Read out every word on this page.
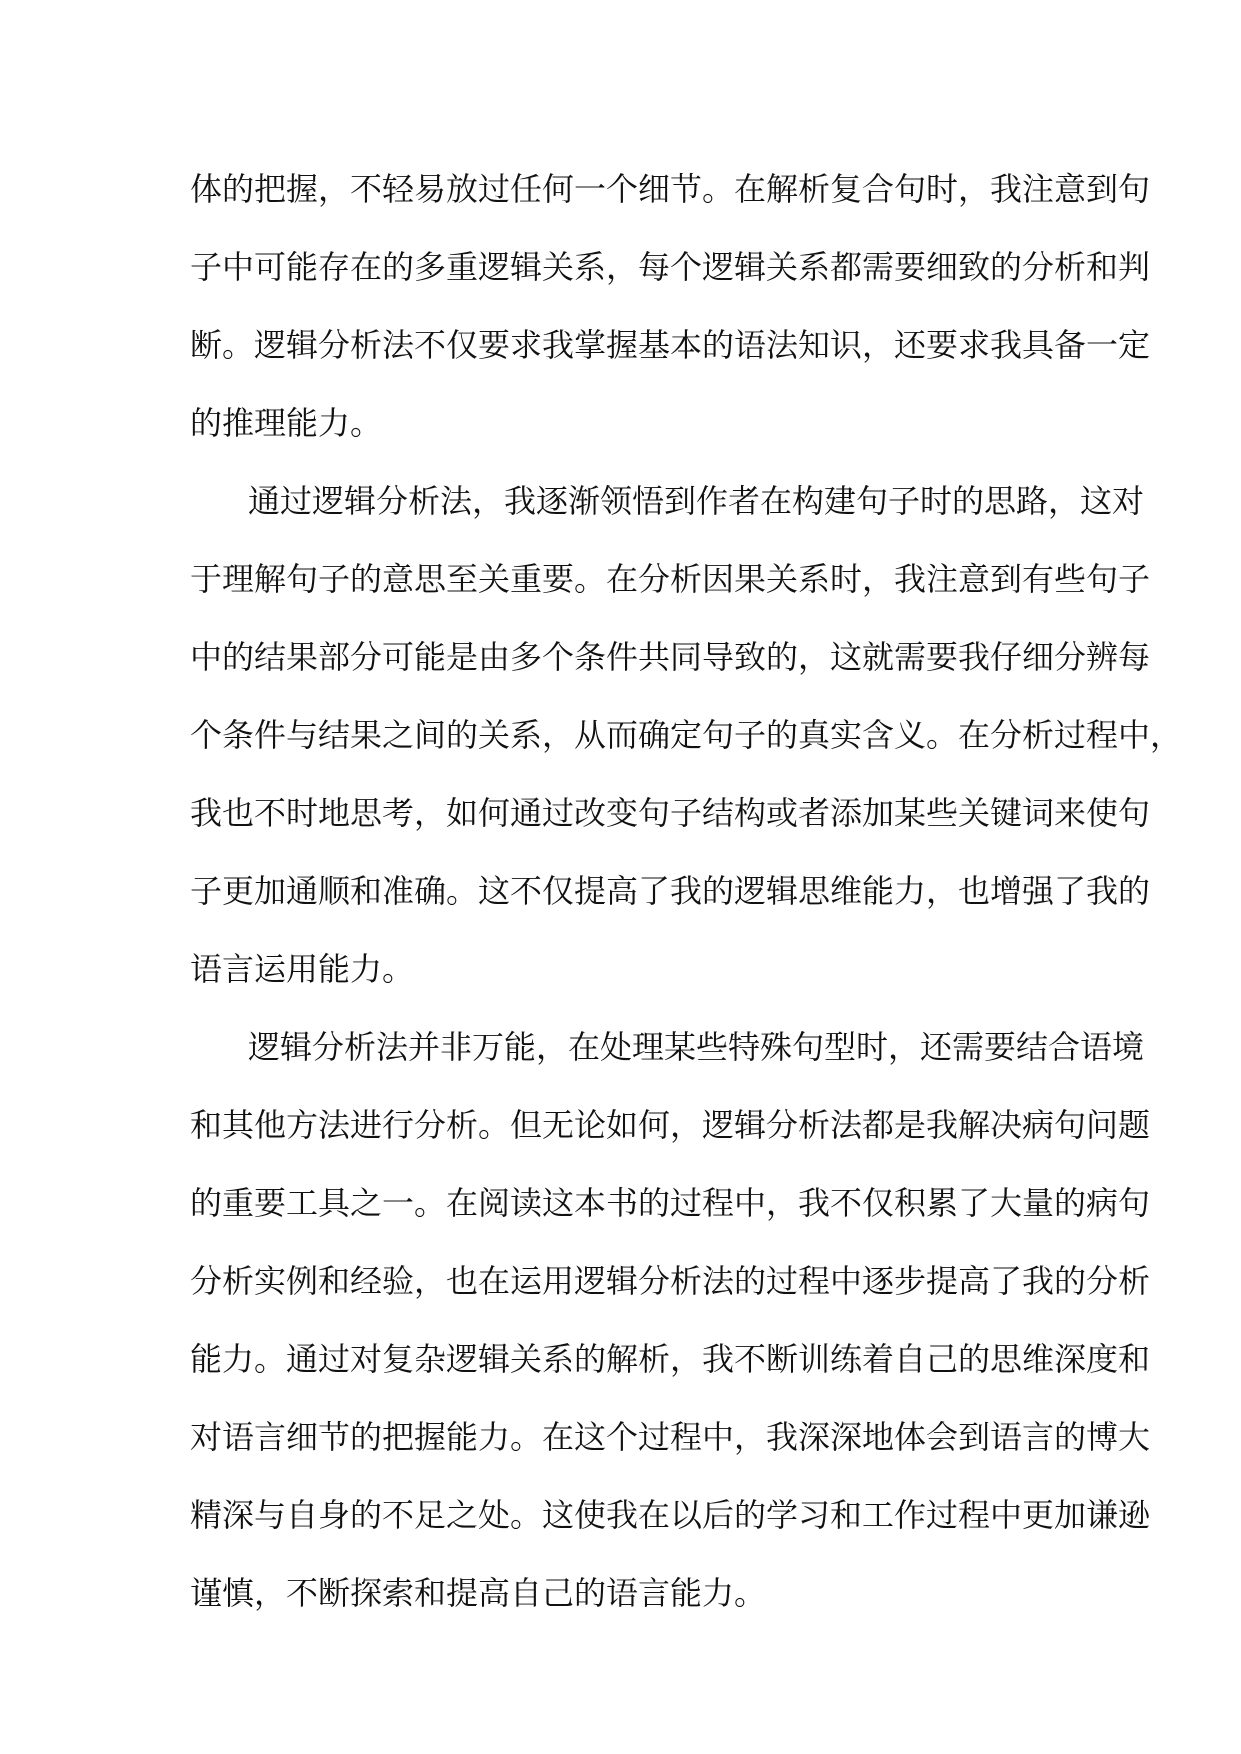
体的把握，不轻易放过任何一个细节。在解析复合句时，我注意到句
子中可能存在的多重逻辑关系，每个逻辑关系都需要细致的分析和判
断。逻辑分析法不仅要求我掌握基本的语法知识，还要求我具备一定
的推理能力。
通过逻辑分析法，我逐渐领悟到作者在构建句子时的思路，这对
于理解句子的意思至关重要。在分析因果关系时，我注意到有些句子
中的结果部分可能是由多个条件共同导致的，这就需要我仔细分辨每
个条件与结果之间的关系，从而确定句子的真实含义。在分析过程中，
我也不时地思考，如何通过改变句子结构或者添加某些关键词来使句
子更加通顺和准确。这不仅提高了我的逻辑思维能力，也增强了我的
语言运用能力。
逻辑分析法并非万能，在处理某些特殊句型时，还需要结合语境
和其他方法进行分析。但无论如何，逻辑分析法都是我解决病句问题
的重要工具之一。在阅读这本书的过程中，我不仅积累了大量的病句
分析实例和经验，也在运用逻辑分析法的过程中逐步提高了我的分析
能力。通过对复杂逻辑关系的解析，我不断训练着自己的思维深度和
对语言细节的把握能力。在这个过程中，我深深地体会到语言的博大
精深与自身的不足之处。这使我在以后的学习和工作过程中更加谦逊
谨慎，不断探索和提高自己的语言能力。
